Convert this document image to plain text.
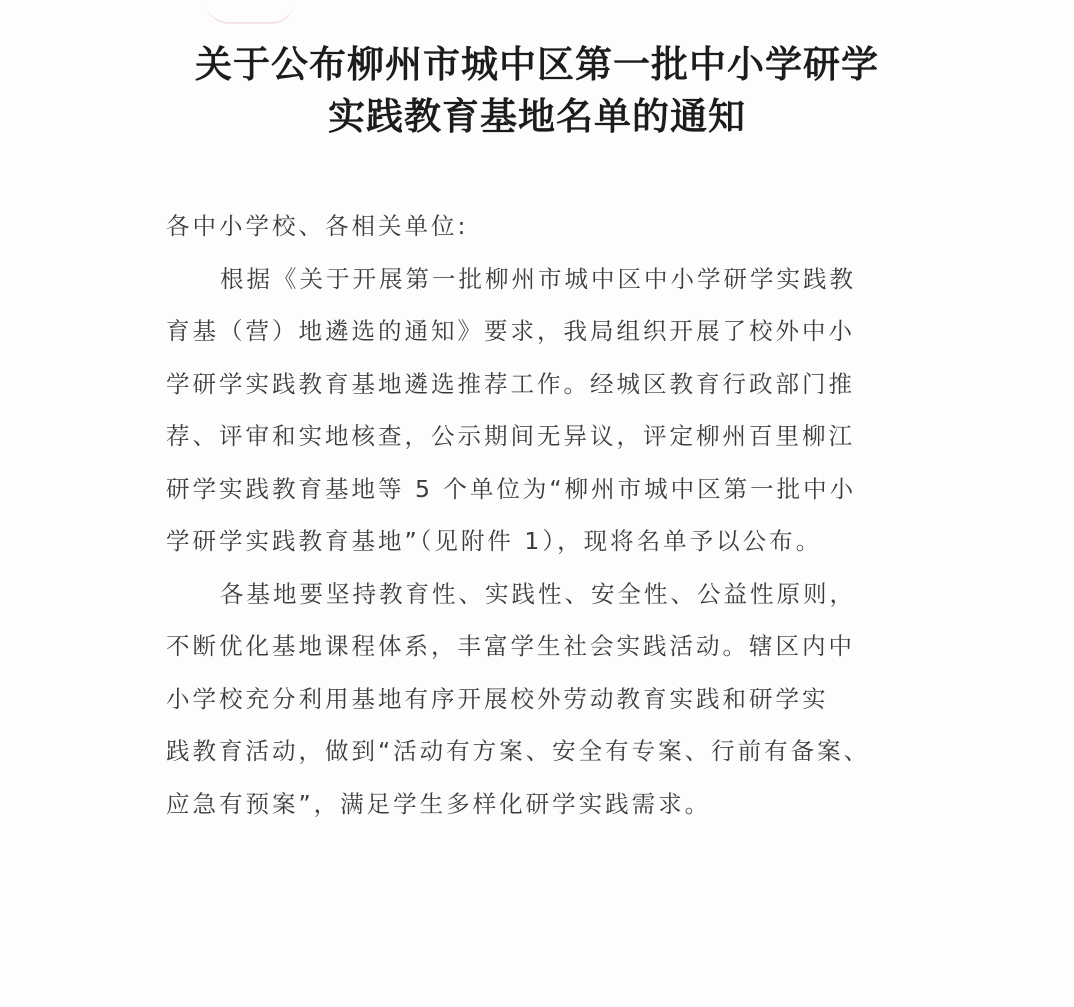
关于公布柳州市城中区第一批中小学研学
实践教育基地名单的通知

各中小学校、各相关单位:

根据《关于开展第一批柳州市城中区中小学研学实践教

育基（营）地遴选的通知》要求，我局组织开展了校外中小

学研学实践教育基地遴选推荐工作。经城区教育行政部门推

荐、评审和实地核查，公示期间无异议，评定柳州百里柳江

研学实践教育基地等 5 个单位为“柳州市城中区第一批中小

学研学实践教育基地”（见附件 1），现将名单予以公布。

各基地要坚持教育性、实践性、安全性、公益性原则，

不断优化基地课程体系，丰富学生社会实践活动。辖区内中

小学校充分利用基地有序开展校外劳动教育实践和研学实

践教育活动，做到“活动有方案、安全有专案、行前有备案、

应急有预案”，满足学生多样化研学实践需求。
